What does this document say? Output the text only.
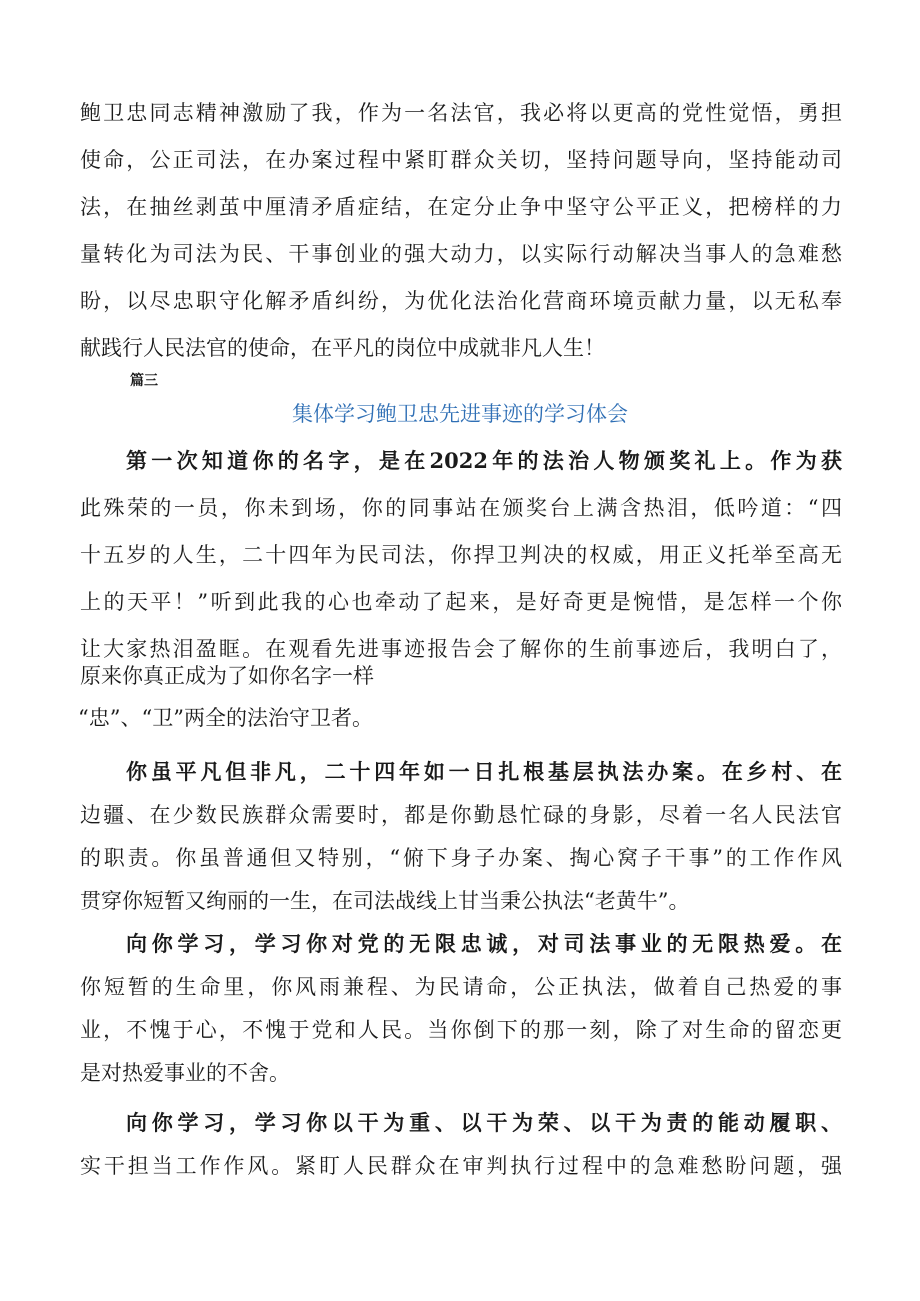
鲍卫忠同志精神激励了我，作为一名法官，我必将以更高的党性觉悟，勇担
使命，公正司法，在办案过程中紧盯群众关切，坚持问题导向，坚持能动司
法，在抽丝剥茧中厘清矛盾症结，在定分止争中坚守公平正义，把榜样的力
量转化为司法为民、干事创业的强大动力，以实际行动解决当事人的急难愁
盼，以尽忠职守化解矛盾纠纷，为优化法治化营商环境贡献力量，以无私奉
献践行人民法官的使命，在平凡的岗位中成就非凡人生！
篇三
集体学习鲍卫忠先进事迹的学习体会
第一次知道你的名字，是在2022年的法治人物颁奖礼上。作为获
此殊荣的一员，你未到场，你的同事站在颁奖台上满含热泪，低吟道：“四
十五岁的人生，二十四年为民司法，你捍卫判决的权威，用正义托举至高无
上的天平！”听到此我的心也牵动了起来，是好奇更是惋惜，是怎样一个你
让大家热泪盈眶。在观看先进事迹报告会了解你的生前事迹后，我明白了，
原来你真正成为了如你名字一样
“忠”、“卫”两全的法治守卫者。
你虽平凡但非凡，二十四年如一日扎根基层执法办案。在乡村、在
边疆、在少数民族群众需要时，都是你勤恳忙碌的身影，尽着一名人民法官
的职责。你虽普通但又特别，“俯下身子办案、掏心窝子干事”的工作作风
贯穿你短暂又绚丽的一生，在司法战线上甘当秉公执法“老黄牛”。
向你学习，学习你对党的无限忠诚，对司法事业的无限热爱。在
你短暂的生命里，你风雨兼程、为民请命，公正执法，做着自己热爱的事
业，不愧于心，不愧于党和人民。当你倒下的那一刻，除了对生命的留恋更
是对热爱事业的不舍。
向你学习，学习你以干为重、以干为荣、以干为责的能动履职、
实干担当工作作风。紧盯人民群众在审判执行过程中的急难愁盼问题，强
